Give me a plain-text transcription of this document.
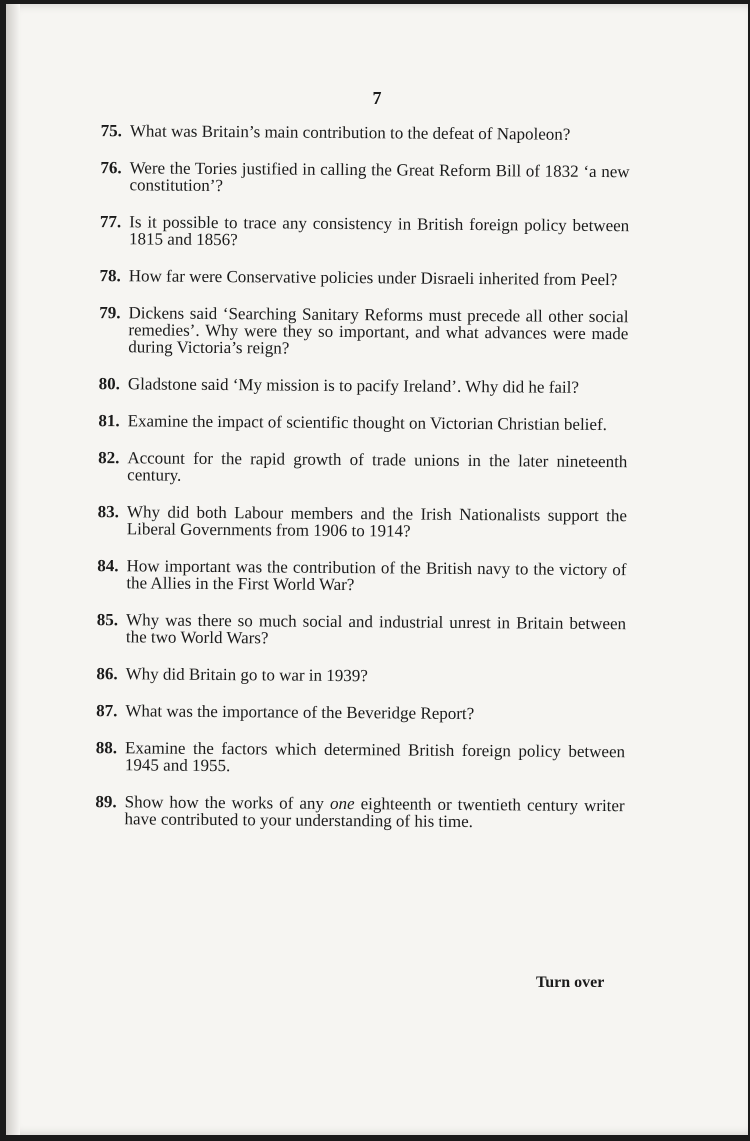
7
75. What was Britain’s main contribution to the defeat of Napoleon?
76. Were the Tories justified in calling the Great Reform Bill of 1832 ‘a new constitution’?
77. Is it possible to trace any consistency in British foreign policy between 1815 and 1856?
78. How far were Conservative policies under Disraeli inherited from Peel?
79. Dickens said ‘Searching Sanitary Reforms must precede all other social remedies’. Why were they so important, and what advances were made during Victoria’s reign?
80. Gladstone said ‘My mission is to pacify Ireland’. Why did he fail?
81. Examine the impact of scientific thought on Victorian Christian belief.
82. Account for the rapid growth of trade unions in the later nineteenth century.
83. Why did both Labour members and the Irish Nationalists support the Liberal Governments from 1906 to 1914?
84. How important was the contribution of the British navy to the victory of the Allies in the First World War?
85. Why was there so much social and industrial unrest in Britain between the two World Wars?
86. Why did Britain go to war in 1939?
87. What was the importance of the Beveridge Report?
88. Examine the factors which determined British foreign policy between 1945 and 1955.
89. Show how the works of any one eighteenth or twentieth century writer have contributed to your understanding of his time.
Turn over
